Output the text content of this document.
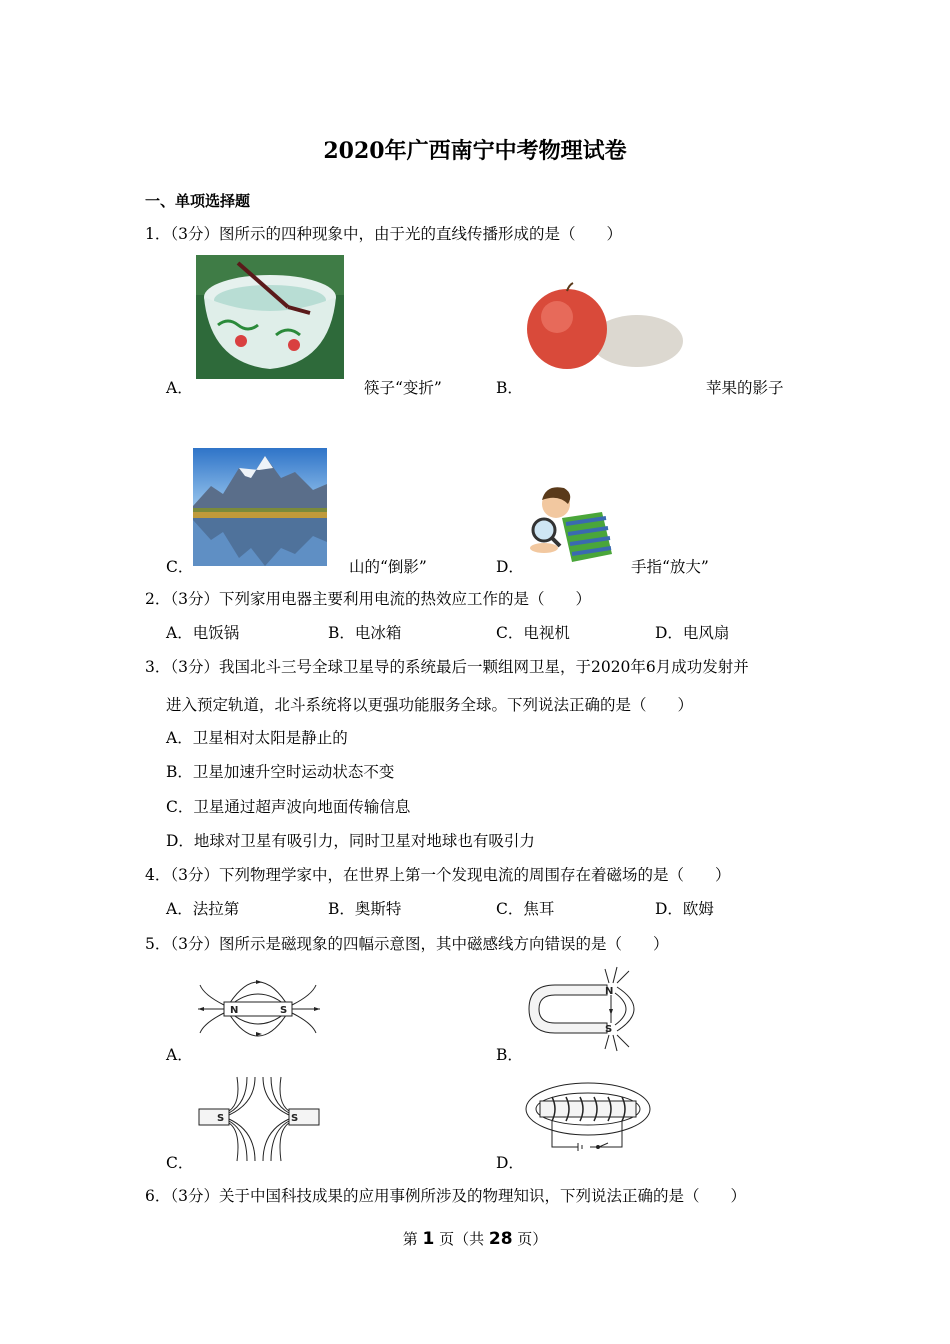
2020年广西南宁中考物理试卷
一、单项选择题
1．（3分）图所示的四种现象中，由于光的直线传播形成的是（　　）
A．	筷子“变折”	B．	苹果的影子
C．	山的“倒影”	D．	手指“放大”
2．（3分）下列家用电器主要利用电流的热效应工作的是（　　）
A．电饭锅	B．电冰箱	C．电视机	D．电风扇
3．（3分）我国北斗三号全球卫星导的系统最后一颗组网卫星，于2020年6月成功发射并
进入预定轨道，北斗系统将以更强功能服务全球。下列说法正确的是（　　）
A．卫星相对太阳是静止的
B．卫星加速升空时运动状态不变
C．卫星通过超声波向地面传输信息
D．地球对卫星有吸引力，同时卫星对地球也有吸引力
4．（3分）下列物理学家中，在世界上第一个发现电流的周围存在着磁场的是（　　）
A．法拉第	B．奥斯特	C．焦耳	D．欧姆
5．（3分）图所示是磁现象的四幅示意图，其中磁感线方向错误的是（　　）
N	S
N
S
A．	B．
S	S
C．	D．
6．（3分）关于中国科技成果的应用事例所涉及的物理知识，下列说法正确的是（　　）
第 1 页（共 28 页）
